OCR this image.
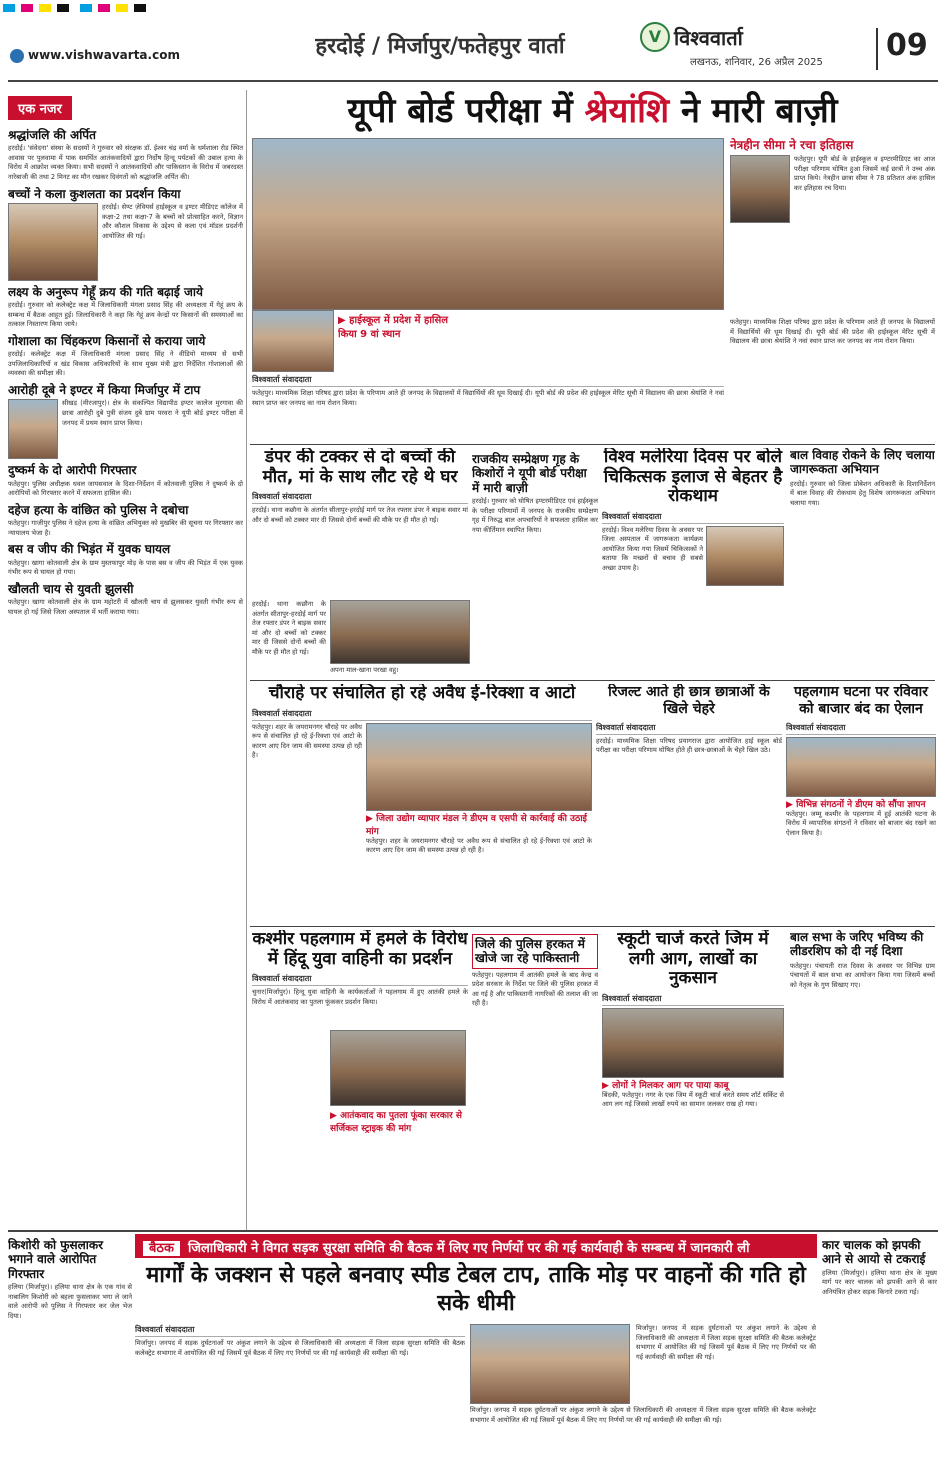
हरदोई / मिर्जापुर/फतेहपुर वार्ता
www.vishwavarta.com
V विश्ववार्ता
लखनऊ, शनिवार, 26 अप्रैल 2025	09
एक नजर
श्रद्धांजलि की अर्पित
हरदोई। 'संवेदना' संस्था के सदस्यों ने गुरुवार को संरक्षक डॉ. ईश्वर चंद्र वर्मा के धर्मशाला रोड स्थित आवास पर पुलवामा में पाक समर्थित आतंकवादियों द्वारा निर्दोष हिन्दू पर्यटकों की उबाल हत्या के विरोध में आक्रोश व्यक्त किया। सभी सदस्यों ने आतंकवादियों और पाकिस्तान के विरोध में जबरदस्त नारेबाजी की तथा 2 मिनट का मौन रखकर दिवंगतों को श्रद्धांजलि अर्पित की।
बच्चों ने कला कुशलता का प्रदर्शन किया
हरदोई। सेण्ट ज़ेवियर्स हाईस्कूल व इण्टर मीडिएट कॉलेज में कक्षा-2 तथा कक्षा-7 के बच्चों को प्रोत्साहित करने, विज्ञान और कौशल विकास के उद्देश्य से कला एवं मॉडल प्रदर्शनी आयोजित की गई।
लक्ष्य के अनुरूप गेहूँ क्रय की गति बढ़ाई जाये
हरदोई। गुरुवार को कलेक्ट्रेट कक्ष में जिलाधिकारी मंगला प्रसाद सिंह की अध्यक्षता में गेहूं क्रय के सम्बन्ध में बैठक आहूत हुई। जिलाधिकारी ने कहा कि गेहूं क्रय केन्द्रों पर किसानों की समस्याओं का तत्काल निस्तारण किया जाये।
गोशाला का चिंहकरण किसानों से कराया जाये
हरदोई। कलेक्ट्रेट कक्ष में जिलाधिकारी मंगला प्रसाद सिंह ने वीडियो माध्यम से सभी उपजिलाधिकारियों व खंड विकास अधिकारियों के साथ मुख्य मंत्री द्वारा निर्देशित गोशालाओं की व्यवस्था की समीक्षा की।
आरोही दूबे ने इण्टर में किया मिर्जापुर में टाप
सीखड़ (मीरजापुर)। क्षेत्र के संकल्पित विद्यापीठ इण्टर कालेज मुरगावा की छात्रा आरोही दुबे पुत्री संजय दुबे ग्राम परवरा ने यूपी बोर्ड इण्टर परीक्षा में जनपद में प्रथम स्थान प्राप्त किया।
दुष्कर्म के दो आरोपी गिरफ्तार
फतेहपुर। पुलिस अधीक्षक धवल जायसवाल के दिशा-निर्देशन में कोतवाली पुलिस ने दुष्कर्म के दो आरोपियों को गिरफ्तार करने में सफलता हासिल की।
दहेज हत्या के वांछित को पुलिस ने दबोचा
फतेहपुर। गाजीपुर पुलिस ने दहेज हत्या के वांछित अभियुक्त को मुखबिर की सूचना पर गिरफ्तार कर न्यायालय भेजा है।
बस व जीप की भिड़ंत में युवक घायल
फतेहपुर। खागा कोतवाली क्षेत्र के ग्राम मुस्तफापुर मोड़ के पास बस व जीप की भिड़ंत में एक युवक गंभीर रूप से घायल हो गया।
खौलती चाय से युवती झुलसी
फतेहपुर। खागा कोतवाली क्षेत्र के ग्राम महोटरी में खौलती चाय से झुलसकर युवती गंभीर रूप से घायल हो गई जिसे जिला अस्पताल में भर्ती कराया गया।
यूपी बोर्ड परीक्षा में श्रेयांशि ने मारी बाज़ी
▶ हाईस्कूल में प्रदेश में हासिल किया 9 वां स्थान
विश्ववार्ता संवाददाता
फतेहपुर। माध्यमिक शिक्षा परिषद द्वारा प्रदेश के परिणाम आते ही जनपद के विद्यालयों में विद्यार्थियों की धूम दिखाई दी। यूपी बोर्ड की प्रदेश की हाईस्कूल मेरिट सूची में विद्यालय की छात्रा श्रेयांशि ने नवां स्थान प्राप्त कर जनपद का नाम रोशन किया।
नेत्रहीन सीमा ने रचा इतिहास
फतेहपुर। यूपी बोर्ड के हाईस्कूल व इण्टरमीडिएट का आज परीक्षा परिणाम घोषित हुआ जिसमें कई छात्रों ने उच्च अंक प्राप्त किये। नेत्रहीन छात्रा सीमा ने 78 प्रतिशत अंक हासिल कर इतिहास रच दिया।
फतेहपुर। माध्यमिक शिक्षा परिषद द्वारा प्रदेश के परिणाम आते ही जनपद के विद्यालयों में विद्यार्थियों की धूम दिखाई दी। यूपी बोर्ड की प्रदेश की हाईस्कूल मेरिट सूची में विद्यालय की छात्रा श्रेयांशि ने नवां स्थान प्राप्त कर जनपद का नाम रोशन किया।
डंपर की टक्कर से दो बच्चों की मौत, मां के साथ लौट रहे थे घर
विश्ववार्ता संवाददाता
हरदोई। थाना कछौना के अंतर्गत सीतापुर-हरदोई मार्ग पर तेज रफ्तार डंपर ने बाइक सवार मां और दो बच्चों को टक्कर मार दी जिससे दोनों बच्चों की मौके पर ही मौत हो गई।
अपना माल-खाना परखा वहु।
हरदोई। थाना कछौना के अंतर्गत सीतापुर-हरदोई मार्ग पर तेज रफ्तार डंपर ने बाइक सवार मां और दो बच्चों को टक्कर मार दी जिससे दोनों बच्चों की मौके पर ही मौत हो गई।
राजकीय सम्प्रेक्षण गृह के किशोरों ने यूपी बोर्ड परीक्षा में मारी बाज़ी
हरदोई। गुरुवार को घोषित इण्टरमीडिएट एवं हाईस्कूल के परीक्षा परिणामों में जनपद के राजकीय सम्प्रेक्षण गृह में निरुद्ध बाल अपचारियों ने सफलता हासिल कर नया कीर्तिमान स्थापित किया।
विश्व मलेरिया दिवस पर बोले चिकित्सक इलाज से बेहतर है रोकथाम
विश्ववार्ता संवाददाता
हरदोई। विश्व मलेरिया दिवस के अवसर पर जिला अस्पताल में जागरूकता कार्यक्रम आयोजित किया गया जिसमें चिकित्सकों ने बताया कि मच्छरों से बचाव ही सबसे अच्छा उपाय है।
बाल विवाह रोकने के लिए चलाया जागरूकता अभियान
हरदोई। गुरुवार को जिला प्रोबेशन अधिकारी के दिशानिर्देशन में बाल विवाह की रोकथाम हेतु विशेष जागरूकता अभियान चलाया गया।
चौराहे पर संचालित हो रहे अवैध ई-रिक्शा व आटो
विश्ववार्ता संवाददाता
फतेहपुर। शहर के जयरामनगर चौराहे पर अवैध रूप से संचालित हो रहे ई-रिक्शा एवं आटो के कारण आए दिन जाम की समस्या उत्पन्न हो रही है।
▶ जिला उद्योग व्यापार मंडल ने डीएम व एसपी से कार्रवाई की उठाई मांग
फतेहपुर। शहर के जयरामनगर चौराहे पर अवैध रूप से संचालित हो रहे ई-रिक्शा एवं आटो के कारण आए दिन जाम की समस्या उत्पन्न हो रही है।
रिजल्ट आते ही छात्र छात्राओं के खिले चेहरे
विश्ववार्ता संवाददाता
हरदोई। माध्यमिक शिक्षा परिषद प्रयागराज द्वारा आयोजित हाई स्कूल बोर्ड परीक्षा का परीक्षा परिणाम घोषित होते ही छात्र-छात्राओं के चेहरे खिल उठे।
पहलगाम घटना पर रविवार को बाजार बंद का ऐलान
विश्ववार्ता संवाददाता
▶ विभिन्न संगठनों ने डीएम को सौंपा ज्ञापन
फतेहपुर। जम्मू कश्मीर के पहलगाम में हुई आतंकी घटना के विरोध में व्यापारिक संगठनों ने रविवार को बाजार बंद रखने का ऐलान किया है।
कश्मीर पहलगाम में हमले के विरोध में हिंदू युवा वाहिनी का प्रदर्शन
विश्ववार्ता संवाददाता
चुनार(मिर्जापुर)। हिन्दू युवा वाहिनी के कार्यकर्ताओं ने पहलगाम में हुए आतंकी हमले के विरोध में आतंकवाद का पुतला फूंककर प्रदर्शन किया।
▶ आतंकवाद का पुतला फूंका सरकार से सर्जिकल स्ट्राइक की मांग
जिले की पुलिस हरकत में खोजे जा रहे पाकिस्तानी
फतेहपुर। पहलगाम में आतंकी हमले के बाद केन्द्र व प्रदेश सरकार के निर्देश पर जिले की पुलिस हरकत में आ गई है और पाकिस्तानी नागरिकों की तलाश की जा रही है।
स्कूटी चार्ज करते जिम में लगी आग, लाखों का नुकसान
विश्ववार्ता संवाददाता
▶ लोगों ने मिलकर आग पर पाया काबू
बिंदकी, फतेहपुर। नगर के एक जिम में स्कूटी चार्ज करते समय शॉर्ट सर्किट से आग लग गई जिससे लाखों रुपये का सामान जलकर राख हो गया।
बाल सभा के जरिए भविष्य की लीडरशिप को दी नई दिशा
फतेहपुर। पंचायती राज दिवस के अवसर पर विभिन्न ग्राम पंचायतों में बाल सभा का आयोजन किया गया जिसमें बच्चों को नेतृत्व के गुण सिखाए गए।
किशोरी को फुसलाकर भगाने वाले आरोपित गिरफ्तार
हलिया (मिर्जापुर)। हलिया थाना क्षेत्र के एक गांव से नाबालिग किशोरी को बहला फुसलाकर भगा ले जाने वाले आरोपी को पुलिस ने गिरफ्तार कर जेल भेज दिया।
बैठक जिलाधिकारी ने विगत सड़क सुरक्षा समिति की बैठक में लिए गए निर्णयों पर की गई कार्यवाही के सम्बन्ध में जानकारी ली
मार्गों के जक्शन से पहले बनवाए स्पीड टेबल टाप, ताकि मोड़ पर वाहनों की गति हो सके धीमी
विश्ववार्ता संवाददाता
मिर्जापुर। जनपद में सड़क दुर्घटनाओं पर अंकुश लगाने के उद्देश्य से जिलाधिकारी की अध्यक्षता में जिला सड़क सुरक्षा समिति की बैठक कलेक्ट्रेट सभागार में आयोजित की गई जिसमें पूर्व बैठक में लिए गए निर्णयों पर की गई कार्यवाही की समीक्षा की गई।
मिर्जापुर। जनपद में सड़क दुर्घटनाओं पर अंकुश लगाने के उद्देश्य से जिलाधिकारी की अध्यक्षता में जिला सड़क सुरक्षा समिति की बैठक कलेक्ट्रेट सभागार में आयोजित की गई जिसमें पूर्व बैठक में लिए गए निर्णयों पर की गई कार्यवाही की समीक्षा की गई।
मिर्जापुर। जनपद में सड़क दुर्घटनाओं पर अंकुश लगाने के उद्देश्य से जिलाधिकारी की अध्यक्षता में जिला सड़क सुरक्षा समिति की बैठक कलेक्ट्रेट सभागार में आयोजित की गई जिसमें पूर्व बैठक में लिए गए निर्णयों पर की गई कार्यवाही की समीक्षा की गई।
कार चालक को झपकी आने से आयो से टकराई
हलिया (मिर्जापुर)। हलिया थाना क्षेत्र के मुख्य मार्ग पर कार चालक को झपकी आने से कार अनियंत्रित होकर सड़क किनारे टकरा गई।
